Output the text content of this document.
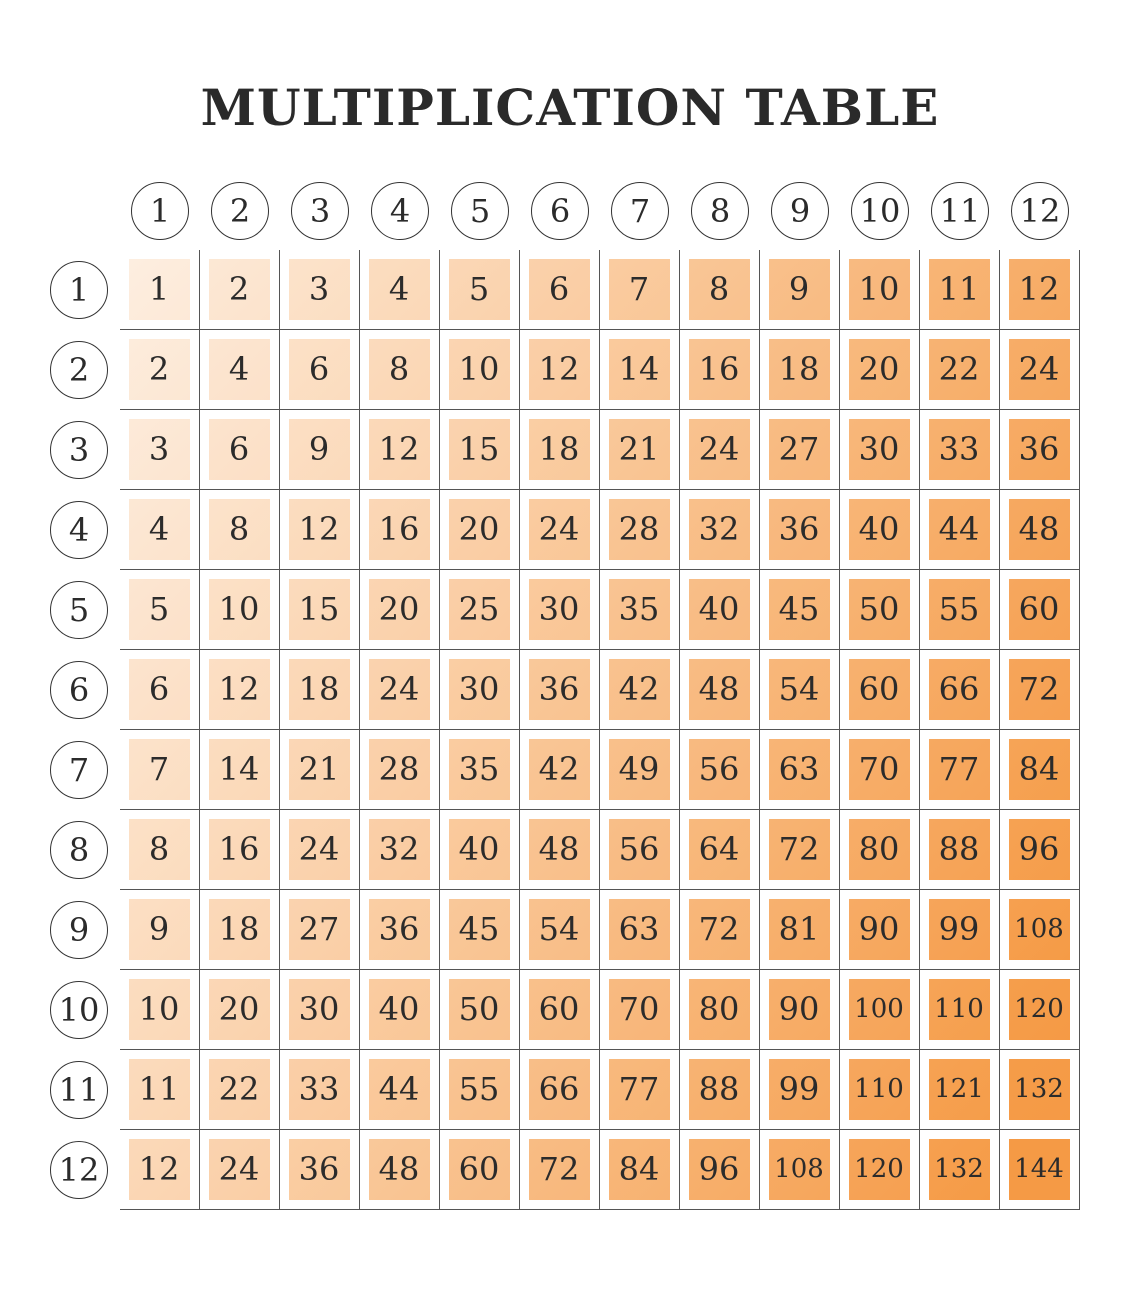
MULTIPLICATION TABLE
1	2	3	4	5	6	7	8	9	10 11 12
1
2
3
4
5
6
7
8
9
10
11
12
1	2	3	4	5	6	7	8	9	10	11	12
2	4	6	8	10	12	14	16	18	20	22	24
3	6	9	12	15	18	21	24	27	30	33	36
4	8	12	16	20	24	28	32	36	40	44	48
5	10	15	20	25	30	35	40	45	50	55	60
6	12	18	24	30	36	42	48	54	60	66	72
7	14	21	28	35	42	49	56	63	70	77	84
8	16	24	32	40	48	56	64	72	80	88	96
9	18	27	36	45	54	63	72	81	90	99	108
10	20	30	40	50	60	70	80	90	100 110 120
11	22	33	44	55	66	77	88	99	110 121 132
12	24	36	48	60	72	84	96	108 120 132 144
